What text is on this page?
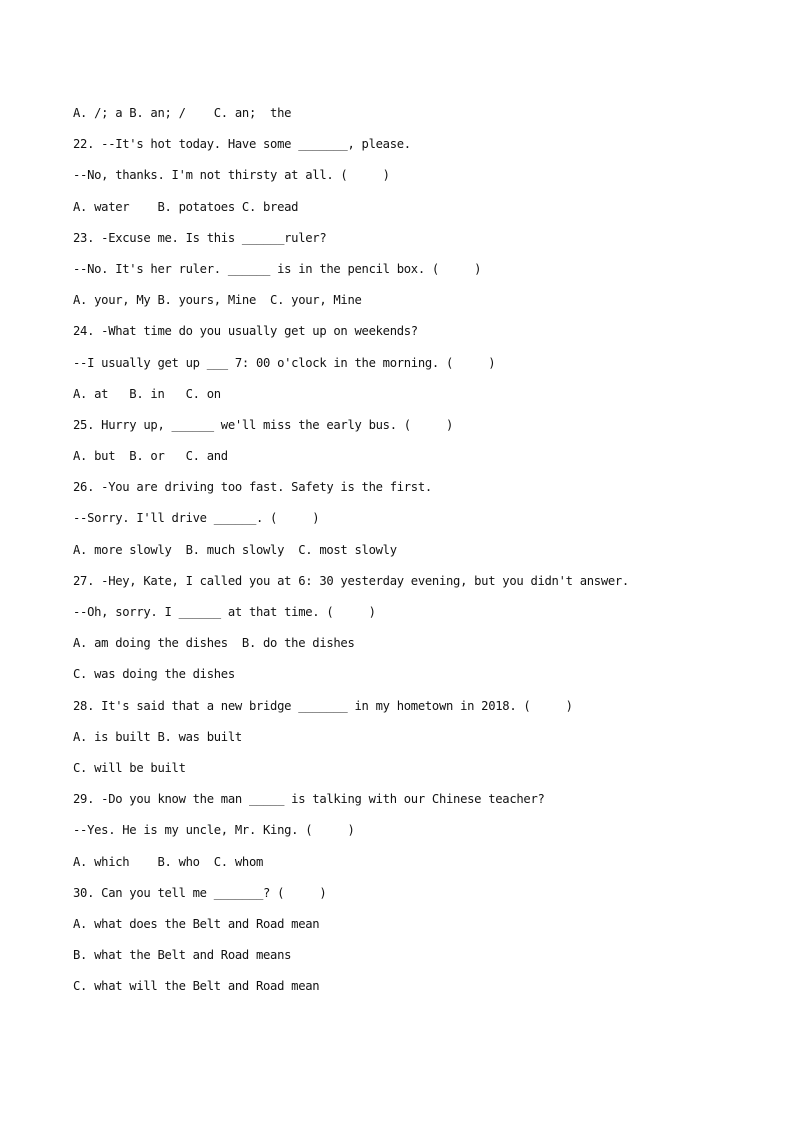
A. /; a B. an; /    C. an;  the
22. --It's hot today. Have some _______, please.
--No, thanks. I'm not thirsty at all. (     )
A. water    B. potatoes C. bread
23. -Excuse me. Is this ______ruler?
--No. It's her ruler. ______ is in the pencil box. (     )
A. your, My B. yours, Mine  C. your, Mine
24. -What time do you usually get up on weekends?
--I usually get up ___ 7: 00 o'clock in the morning. (     )
A. at   B. in   C. on
25. Hurry up, ______ we'll miss the early bus. (     )
A. but  B. or   C. and
26. -You are driving too fast. Safety is the first.
--Sorry. I'll drive ______. (     )
A. more slowly  B. much slowly  C. most slowly
27. -Hey, Kate, I called you at 6: 30 yesterday evening, but you didn't answer.
--Oh, sorry. I ______ at that time. (     )
A. am doing the dishes  B. do the dishes
C. was doing the dishes
28. It's said that a new bridge _______ in my hometown in 2018. (     )
A. is built B. was built
C. will be built
29. -Do you know the man _____ is talking with our Chinese teacher?
--Yes. He is my uncle, Mr. King. (     )
A. which    B. who  C. whom
30. Can you tell me _______? (     )
A. what does the Belt and Road mean
B. what the Belt and Road means
C. what will the Belt and Road mean
